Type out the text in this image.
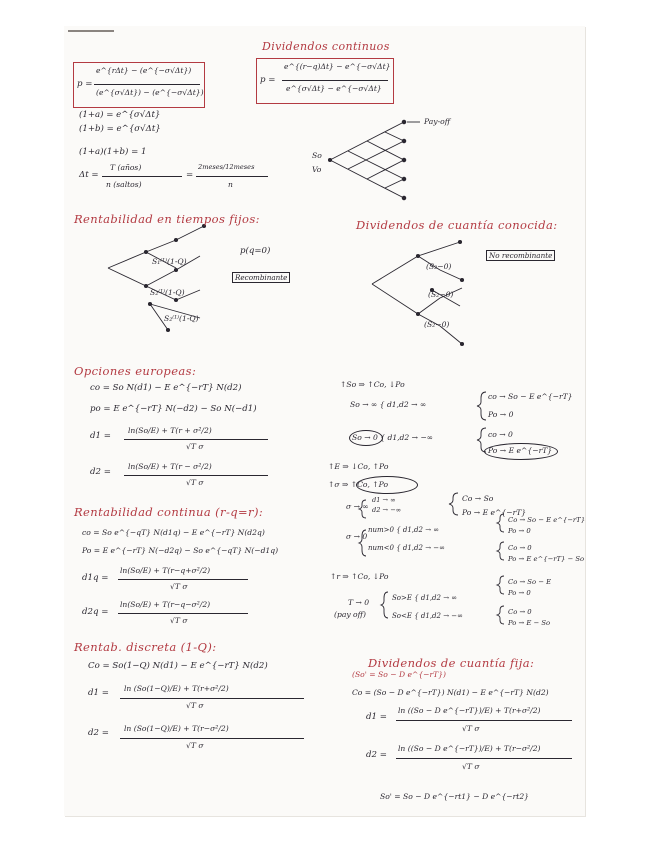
Dividendos continuos
p =
e^{rΔt} − (e^{−σ√Δt})
(e^{σ√Δt}) − (e^{−σ√Δt})
p =
e^{(r−q)Δt} − e^{−σ√Δt}
e^{σ√Δt} − e^{−σ√Δt}
(1+a) = e^{σ√Δt}
(1+b) = e^{σ√Δt}
(1+a)(1+b) = 1
Δt =
T (años)
n (saltos)
=
2meses/12meses
n
Pay-off
So
Vo
Rentabilidad en tiempos fijos:	Dividendos de cuantía conocida:
S₁⁽¹⁾(1-Q)
S₂⁽¹⁾(1-Q)
S₂⁽¹⁾(1-Q)
p(q=0)
Recombinante
(S₂−0)
(S₂−0)
(S₂−0)
No recombinante
Opciones europeas:
co = So N(d1) − E e^{−rT} N(d2)
po = E e^{−rT} N(−d2) − So N(−d1)
d1 =
ln(So/E) + T(r + σ²/2)
√T σ
d2 =
ln(So/E) + T(r − σ²/2)
√T σ
Rentabilidad continua (r-q=r):
co = So e^{−qT} N(d1q) − E e^{−rT} N(d2q)
Po = E e^{−rT} N(−d2q) − So e^{−qT} N(−d1q)
d1q =
ln(So/E) + T(r−q+σ²/2)
√T σ
d2q =
ln(So/E) + T(r−q−σ²/2)
√T σ
Rentab. discreta (1-Q):
Co = So(1−Q) N(d1) − E e^{−rT} N(d2)
d1 = ln (So(1−Q)/E) + T(r+σ²/2)
√T σ
d2 = ln (So(1−Q)/E) + T(r−σ²/2)
√T σ
↑So ⇒ ↑Co, ↓Po
So → ∞ { d1,d2 → ∞
co → So − E e^{−rT}
Po → 0
So → 0 { d1,d2 → −∞	co → 0
Po → E e^{−rT}
↑E ⇒ ↓Co, ↑Po
↑σ ⇒ ↑Co, ↑Po
σ → ∞
d1 → ∞
d2 → −∞
Co → So
Po → E e^{−rT}
σ → 0
num>0 { d1,d2 → ∞
num<0 { d1,d2 → −∞
Co → So − E e^{−rT}
Po → 0
Co → 0
Po → E e^{−rT} − So
↑r ⇒ ↑Co, ↓Po
T → 0
(pay off)
So>E { d1,d2 → ∞
So<E { d1,d2 → −∞
Co → So − E
Po → 0
Co → 0
Po → E − So
Dividendos de cuantía fija:
(So' = So − D e^{−rT})
Co = (So − D e^{−rT}) N(d1) − E e^{−rT} N(d2)
d1 =
ln ((So − D e^{−rT})/E) + T(r+σ²/2)
√T σ
d2 =
ln ((So − D e^{−rT})/E) + T(r−σ²/2)
√T σ
So' = So − D e^{−rt1} − D e^{−rt2}
